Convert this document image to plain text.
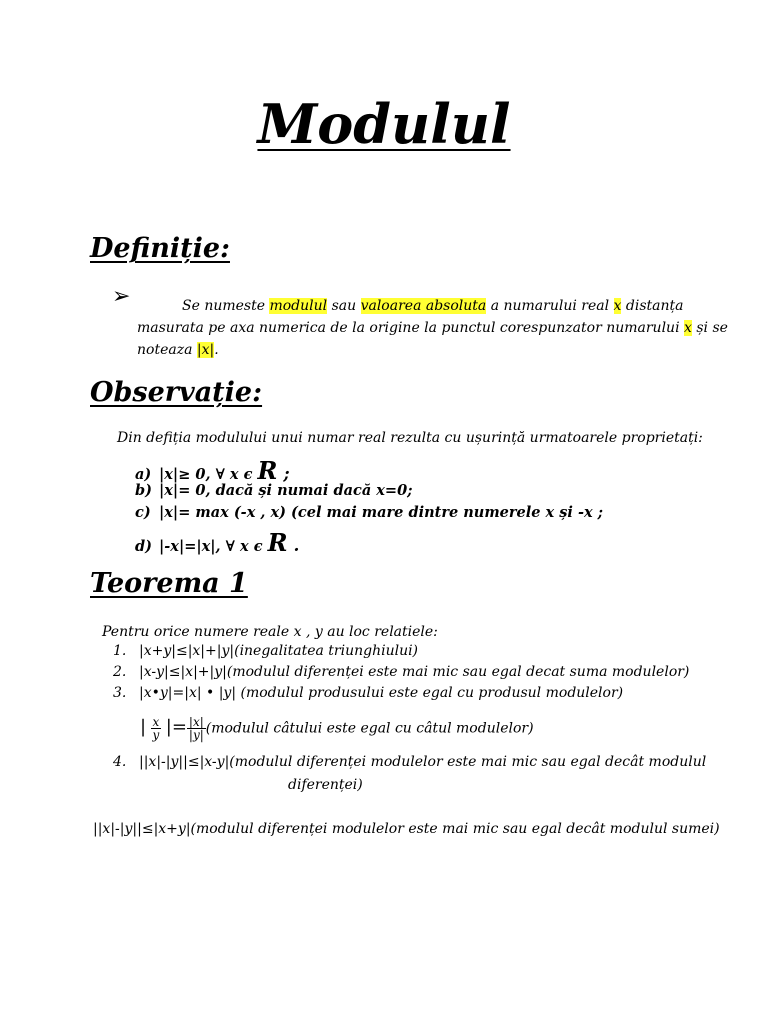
Modulul
Definiție:
➢	Se numeste modulul sau valoarea absoluta a numarului real x distanța
masurata pe axa numerica de la origine la punctul corespunzator numarului x și se
noteaza |x|.
Observație:
Din defiția modulului unui numar real rezulta cu ușurință urmatoarele proprietați:
a) |x|≥ 0, ∀ x ϵ R ;
b) |x|= 0, dacă și numai dacă x=0;
c) |x|= max (-x , x) (cel mai mare dintre numerele x și -x ;
d) |-x|=|x|, ∀ x ϵ R .
Teorema 1
Pentru orice numere reale x , y au loc relatiele:
1. |x+y|≤|x|+|y|(inegalitatea triunghiului)
2. |x-y|≤|x|+|y|(modulul diferenței este mai mic sau egal decat suma modulelor)
3. |x•y|=|x| • |y| (modulul produsului este egal cu produsul modulelor)
| $\frac{x}{y}$ |= $\frac{|x|}{|y|}$ (modulul câtului este egal cu câtul modulelor)
4. ||x|-|y||≤|x-y|(modulul diferenței modulelor este mai mic sau egal decât modulul
diferenței)
||x|-|y||≤|x+y|(modulul diferenței modulelor este mai mic sau egal decât modulul sumei)
